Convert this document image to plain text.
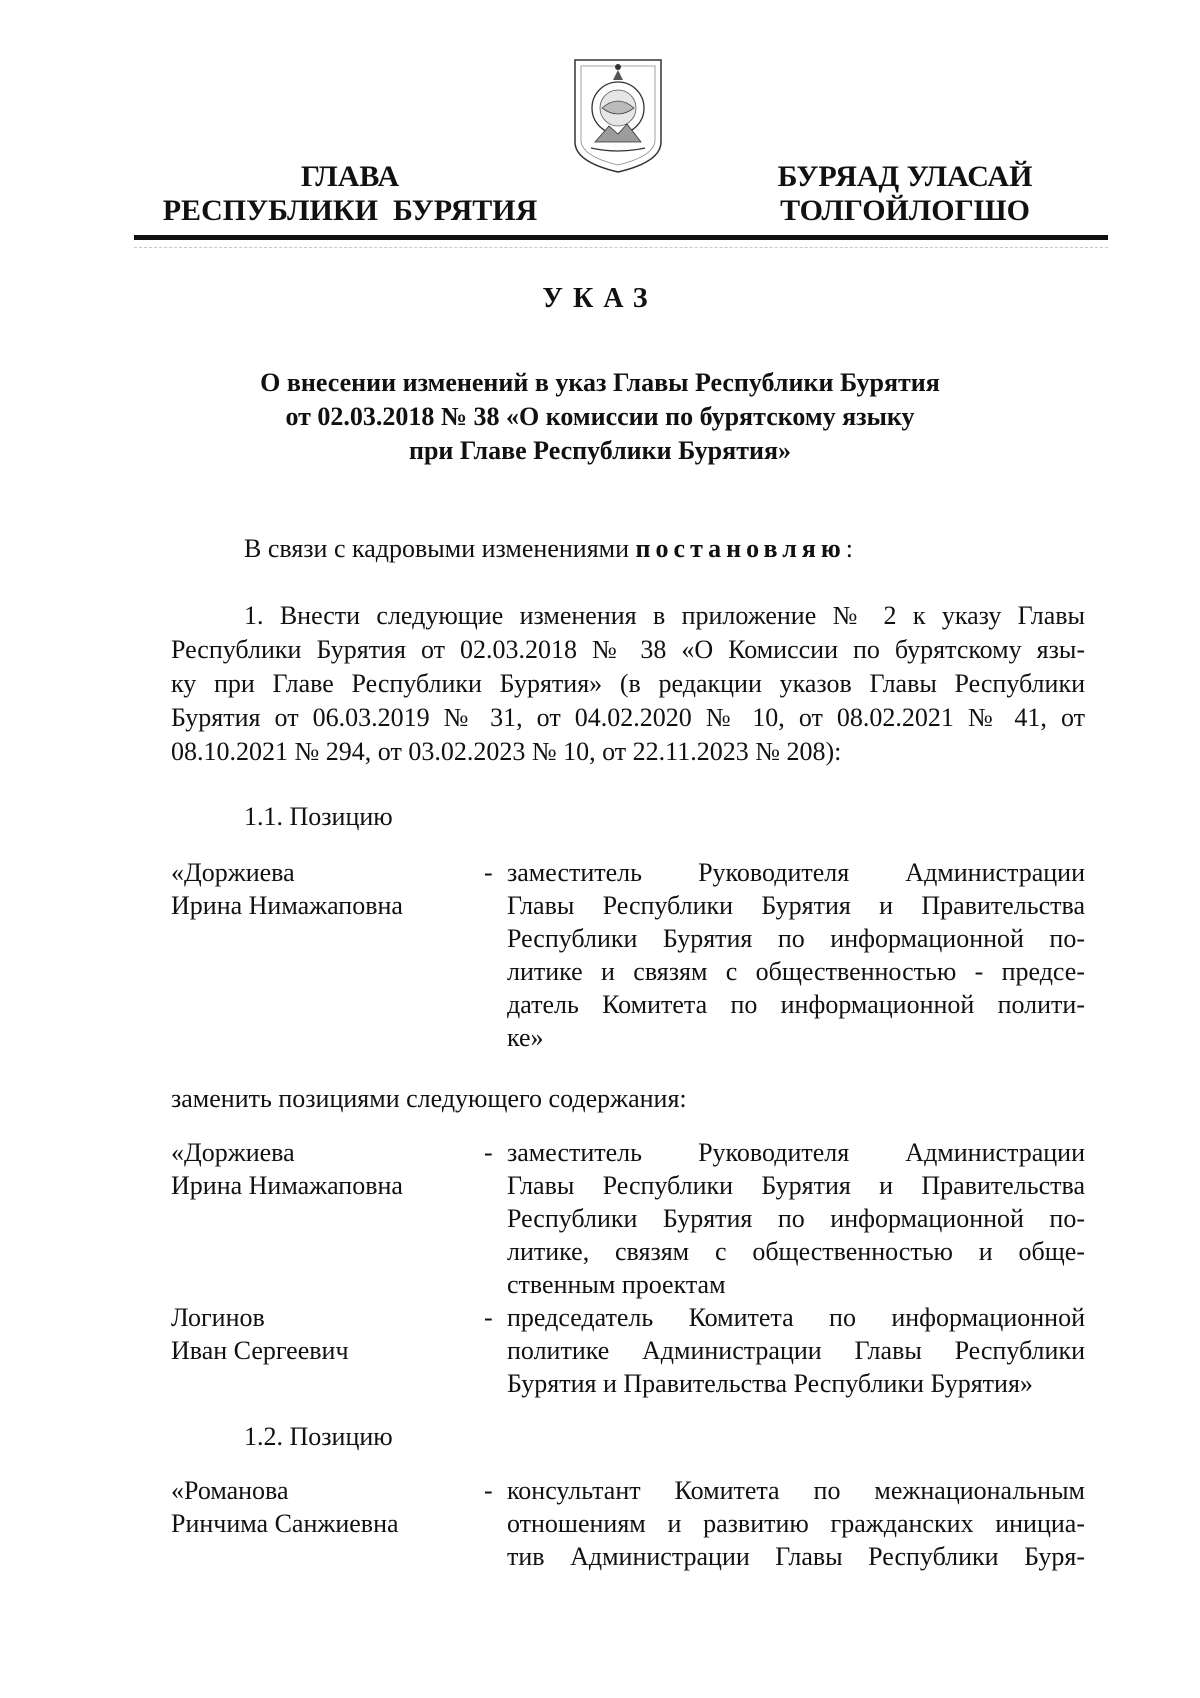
ГЛАВА
РЕСПУБЛИКИ  БУРЯТИЯ
БУРЯАД УЛАСАЙ
ТОЛГОЙЛОГШО
УКАЗ
О внесении изменений в указ Главы Республики Бурятия
от 02.03.2018 № 38 «О комиссии по бурятскому языку
при Главе Республики Бурятия»
В связи с кадровыми изменениями постановляю:
1. Внести следующие изменения в приложение № 2 к указу Главы
Республики Бурятия от 02.03.2018 № 38 «О Комиссии по бурятскому язы-
ку при Главе Республики Бурятия» (в редакции указов Главы Республики
Бурятия от 06.03.2019 № 31, от 04.02.2020 № 10, от 08.02.2021 № 41, от
08.10.2021 № 294, от 03.02.2023 № 10, от 22.11.2023 № 208):
1.1. Позицию
«Доржиева
Ирина Нимажаповна
- заместитель Руководителя Администрации
Главы Республики Бурятия и Правительства
Республики Бурятия по информационной по-
литике и связям с общественностью - предсе-
датель Комитета по информационной полити-
ке»
заменить позициями следующего содержания:
«Доржиева
Ирина Нимажаповна
- заместитель Руководителя Администрации
Главы Республики Бурятия и Правительства
Республики Бурятия по информационной по-
литике, связям с общественностью и обще-
ственным проектам
Логинов
Иван Сергеевич
- председатель Комитета по информационной
политике Администрации Главы Республики
Бурятия и Правительства Республики Бурятия»
1.2. Позицию
«Романова
Ринчима Санжиевна
- консультант Комитета по межнациональным
отношениям и развитию гражданских инициа-
тив Администрации Главы Республики Буря-
